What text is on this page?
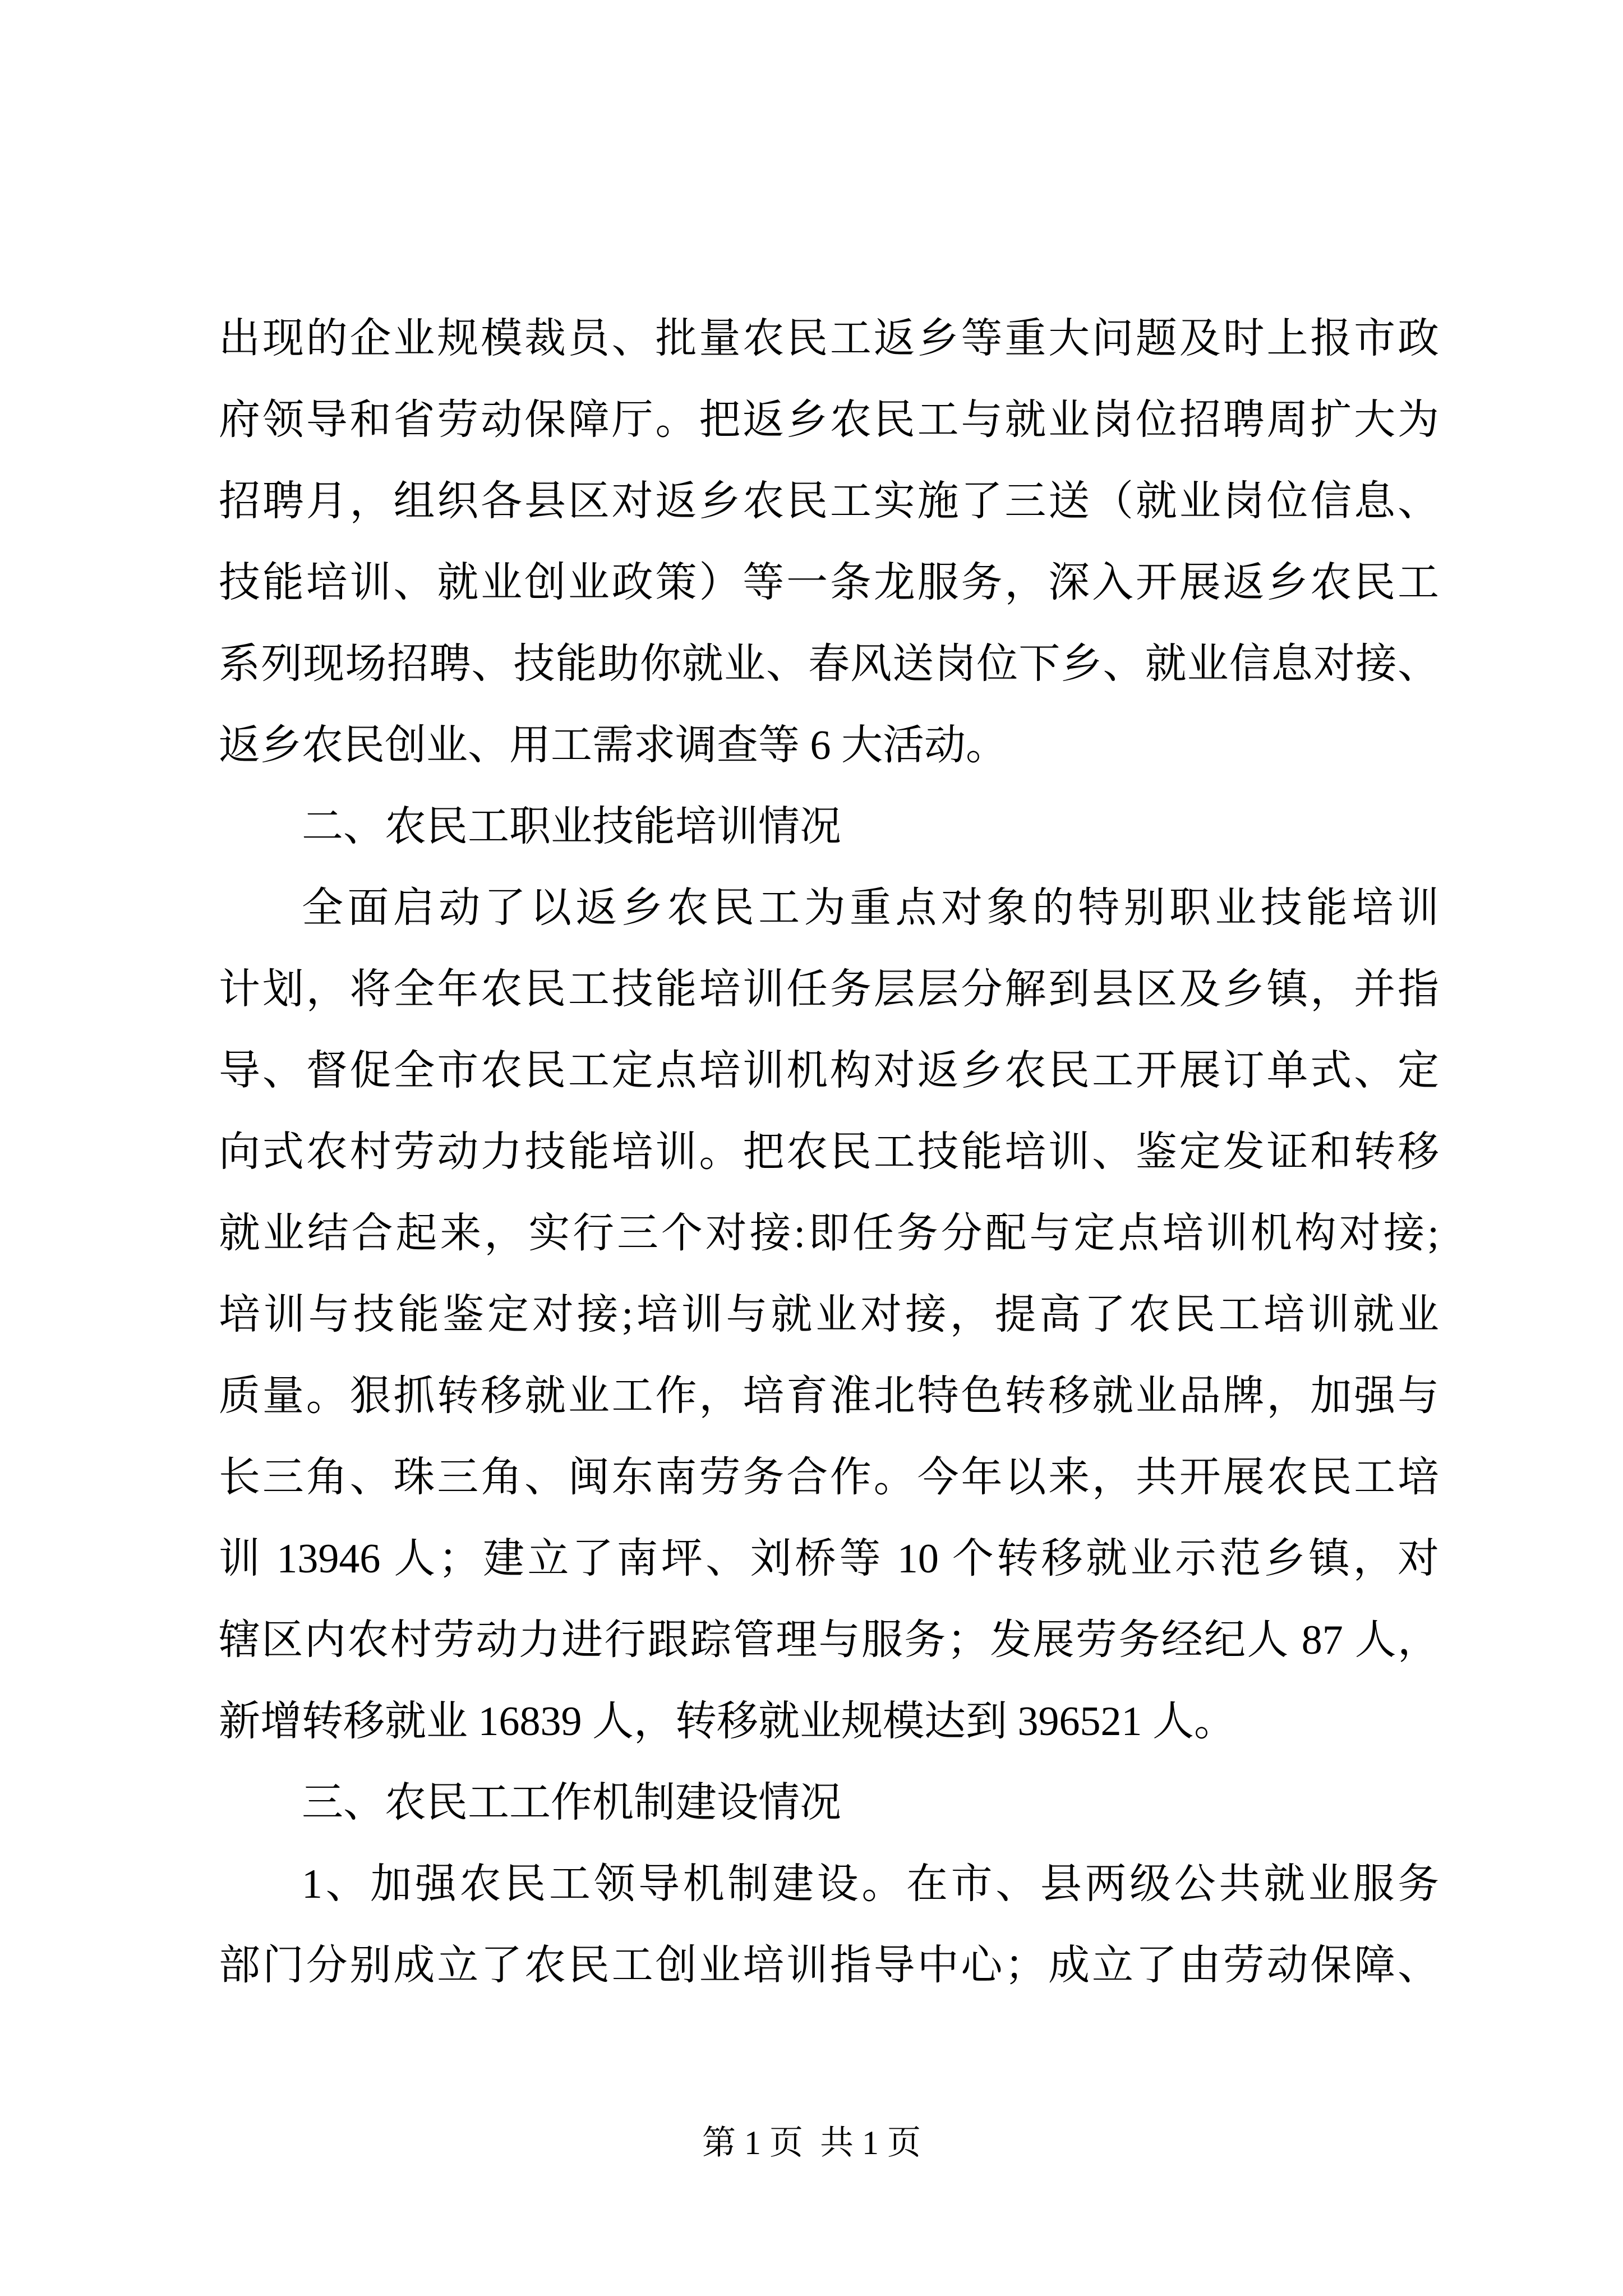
出现的企业规模裁员、批量农民工返乡等重大问题及时上报市政
府领导和省劳动保障厅。把返乡农民工与就业岗位招聘周扩大为
招聘月，组织各县区对返乡农民工实施了三送（就业岗位信息、
技能培训、就业创业政策）等一条龙服务，深入开展返乡农民工
系列现场招聘、技能助你就业、春风送岗位下乡、就业信息对接、
返乡农民创业、用工需求调查等 6 大活动。
二、农民工职业技能培训情况
全面启动了以返乡农民工为重点对象的特别职业技能培训
计划，将全年农民工技能培训任务层层分解到县区及乡镇，并指
导、督促全市农民工定点培训机构对返乡农民工开展订单式、定
向式农村劳动力技能培训。把农民工技能培训、鉴定发证和转移
就业结合起来，实行三个对接:即任务分配与定点培训机构对接;
培训与技能鉴定对接;培训与就业对接，提高了农民工培训就业
质量。狠抓转移就业工作，培育淮北特色转移就业品牌，加强与
长三角、珠三角、闽东南劳务合作。今年以来，共开展农民工培
训 13946 人；建立了南坪、刘桥等 10 个转移就业示范乡镇，对
辖区内农村劳动力进行跟踪管理与服务；发展劳务经纪人 87 人，
新增转移就业 16839 人，转移就业规模达到 396521 人。
三、农民工工作机制建设情况
1、加强农民工领导机制建设。在市、县两级公共就业服务
部门分别成立了农民工创业培训指导中心；成立了由劳动保障、
第 1 页  共 1 页
